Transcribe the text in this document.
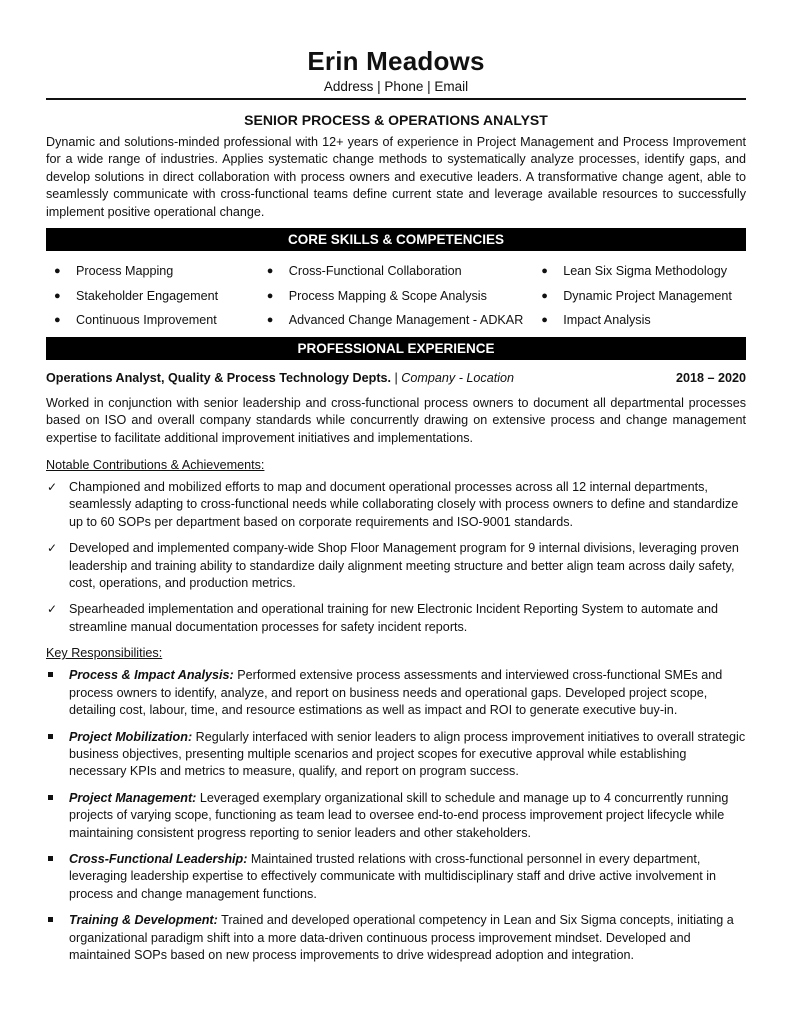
Erin Meadows
Address | Phone | Email
SENIOR PROCESS & OPERATIONS ANALYST
Dynamic and solutions-minded professional with 12+ years of experience in Project Management and Process Improvement for a wide range of industries. Applies systematic change methods to systematically analyze processes, identify gaps, and develop solutions in direct collaboration with process owners and executive leaders. A transformative change agent, able to seamlessly communicate with cross-functional teams define current state and leverage available resources to successfully implement positive operational change.
CORE SKILLS & COMPETENCIES
● Process Mapping
● Stakeholder Engagement
● Continuous Improvement
● Cross-Functional Collaboration
● Process Mapping & Scope Analysis
● Advanced Change Management - ADKAR
● Lean Six Sigma Methodology
● Dynamic Project Management
● Impact Analysis
PROFESSIONAL EXPERIENCE
Operations Analyst, Quality & Process Technology Depts. | Company - Location	2018 – 2020
Worked in conjunction with senior leadership and cross-functional process owners to document all departmental processes based on ISO and overall company standards while concurrently drawing on extensive process and change management expertise to facilitate additional improvement initiatives and implementations.
Notable Contributions & Achievements:
✓ Championed and mobilized efforts to map and document operational processes across all 12 internal departments, seamlessly adapting to cross-functional needs while collaborating closely with process owners to define and standardize up to 60 SOPs per department based on corporate requirements and ISO-9001 standards.
✓ Developed and implemented company-wide Shop Floor Management program for 9 internal divisions, leveraging proven leadership and training ability to standardize daily alignment meeting structure and better align team across daily safety, cost, operations, and production metrics.
✓ Spearheaded implementation and operational training for new Electronic Incident Reporting System to automate and streamline manual documentation processes for safety incident reports.
Key Responsibilities:
Process & Impact Analysis: Performed extensive process assessments and interviewed cross-functional SMEs and process owners to identify, analyze, and report on business needs and operational gaps. Developed project scope, detailing cost, labour, time, and resource estimations as well as impact and ROI to generate executive buy-in.
Project Mobilization: Regularly interfaced with senior leaders to align process improvement initiatives to overall strategic business objectives, presenting multiple scenarios and project scopes for executive approval while establishing necessary KPIs and metrics to measure, qualify, and report on program success.
Project Management: Leveraged exemplary organizational skill to schedule and manage up to 4 concurrently running projects of varying scope, functioning as team lead to oversee end-to-end process improvement project lifecycle while maintaining consistent progress reporting to senior leaders and other stakeholders.
Cross-Functional Leadership: Maintained trusted relations with cross-functional personnel in every department, leveraging leadership expertise to effectively communicate with multidisciplinary staff and drive active involvement in process and change management functions.
Training & Development: Trained and developed operational competency in Lean and Six Sigma concepts, initiating a organizational paradigm shift into a more data-driven continuous process improvement mindset. Developed and maintained SOPs based on new process improvements to drive widespread adoption and integration.
